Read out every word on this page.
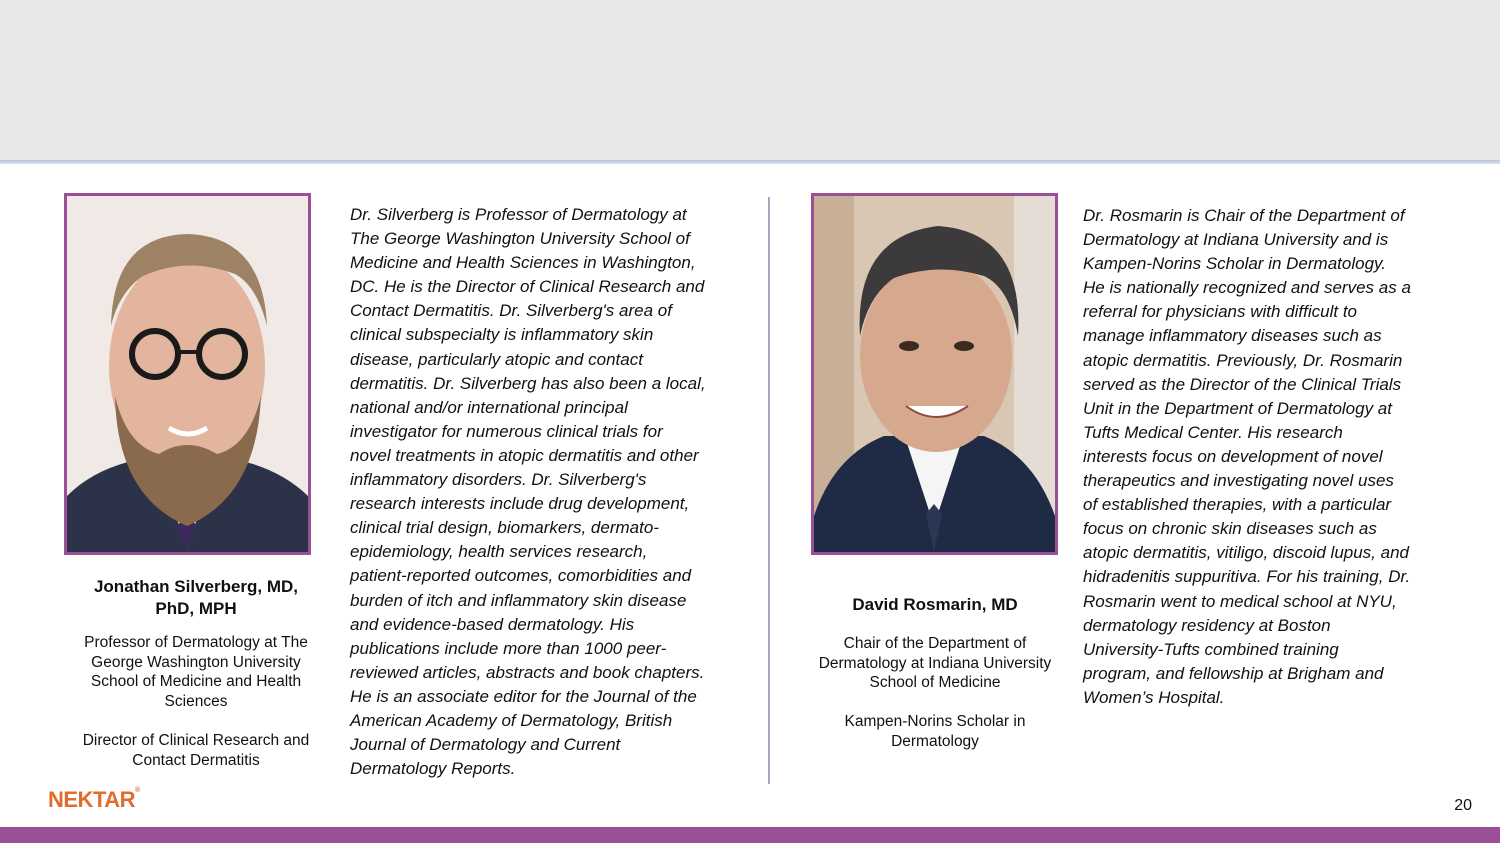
Jonathan Silverberg, MD,
PhD, MPH
Professor of Dermatology at The
George Washington University
School of Medicine and Health
Sciences
Director of Clinical Research and
Contact Dermatitis
Dr. Silverberg is Professor of Dermatology at
The George Washington University School of
Medicine and Health Sciences in Washington,
DC. He is the Director of Clinical Research and
Contact Dermatitis. Dr. Silverberg's area of
clinical subspecialty is inflammatory skin
disease, particularly atopic and contact
dermatitis. Dr. Silverberg has also been a local,
national and/or international principal
investigator for numerous clinical trials for
novel treatments in atopic dermatitis and other
inflammatory disorders. Dr. Silverberg's
research interests include drug development,
clinical trial design, biomarkers, dermato-
epidemiology, health services research,
patient-reported outcomes, comorbidities and
burden of itch and inflammatory skin disease
and evidence-based dermatology. His
publications include more than 1000 peer-
reviewed articles, abstracts and book chapters.
He is an associate editor for the Journal of the
American Academy of Dermatology, British
Journal of Dermatology and Current
Dermatology Reports.
David Rosmarin, MD
Chair of the Department of
Dermatology at Indiana University
School of Medicine
Kampen-Norins Scholar in
Dermatology
Dr. Rosmarin is Chair of the Department of
Dermatology at Indiana University and is
Kampen-Norins Scholar in Dermatology.
He is nationally recognized and serves as a
referral for physicians with difficult to
manage inflammatory diseases such as
atopic dermatitis. Previously, Dr. Rosmarin
served as the Director of the Clinical Trials
Unit in the Department of Dermatology at
Tufts Medical Center. His research
interests focus on development of novel
therapeutics and investigating novel uses
of established therapies, with a particular
focus on chronic skin diseases such as
atopic dermatitis, vitiligo, discoid lupus, and
hidradenitis suppuritiva. For his training, Dr.
Rosmarin went to medical school at NYU,
dermatology residency at Boston
University-Tufts combined training
program, and fellowship at Brigham and
Women’s Hospital.
NEKTAR®
20
